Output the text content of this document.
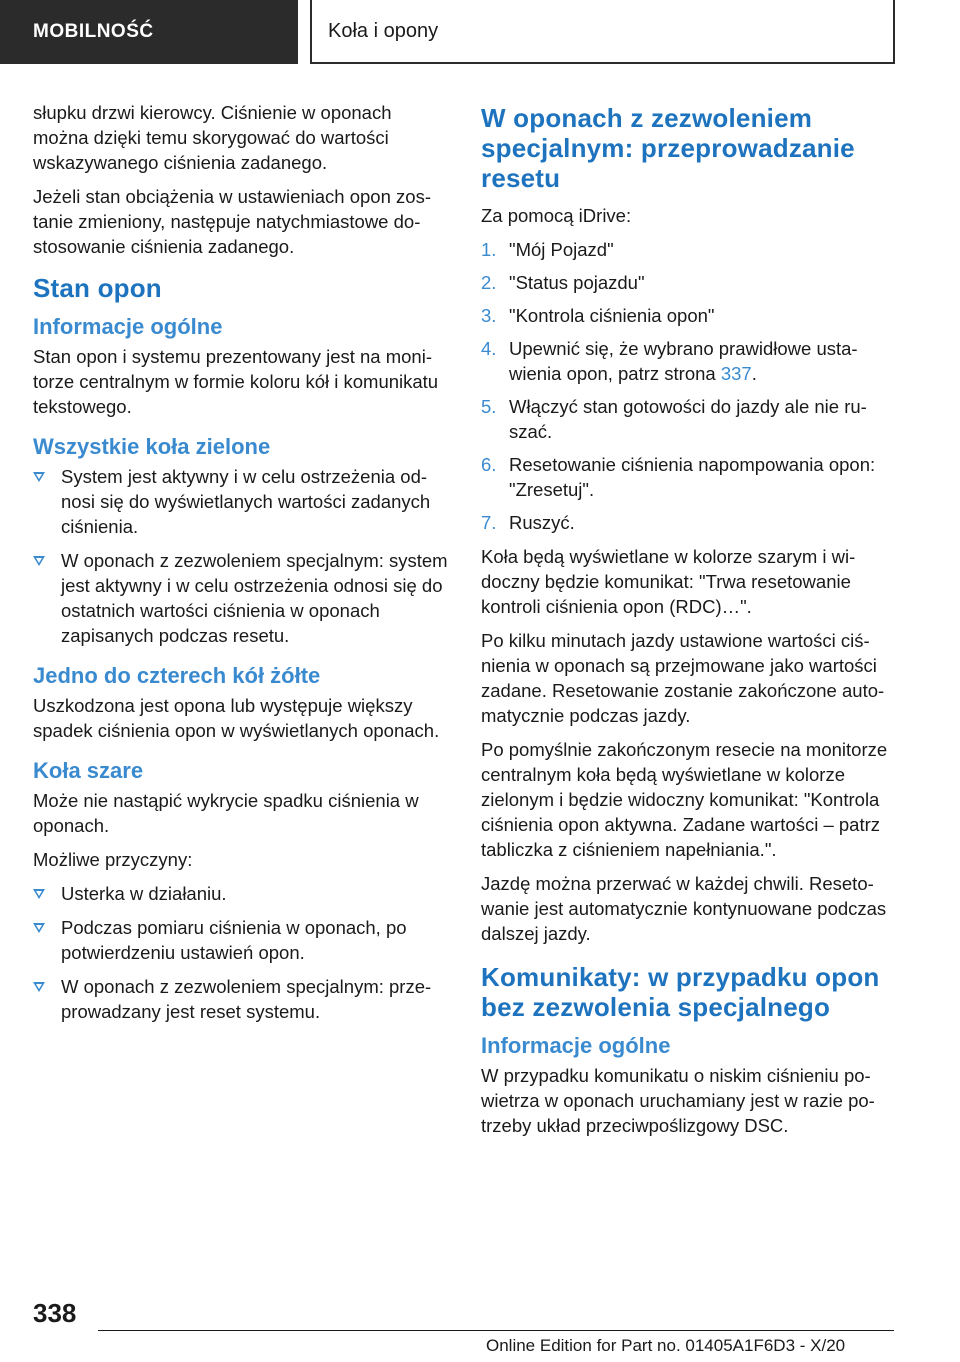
MOBILNOŚĆ	Koła i opony

słupku drzwi kierowcy. Ciśnienie w oponach można dzięki temu skorygować do wartości wskazywanego ciśnienia zadanego.

Jeżeli stan obciążenia w ustawieniach opon zostanie zmieniony, następuje natychmiastowe dostosowanie ciśnienia zadanego.

Stan opon
Informacje ogólne

Stan opon i systemu prezentowany jest na monitorze centralnym w formie koloru kół i komunikatu tekstowego.

Wszystkie koła zielone
System jest aktywny i w celu ostrzeżenia odnosi się do wyświetlanych wartości zadanych ciśnienia.
W oponach z zezwoleniem specjalnym: system jest aktywny i w celu ostrzeżenia odnosi się do ostatnich wartości ciśnienia w oponach zapisanych podczas resetu.
Jedno do czterech kół żółte

Uszkodzona jest opona lub występuje większy spadek ciśnienia opon w wyświetlanych oponach.

Koła szare

Może nie nastąpić wykrycie spadku ciśnienia w oponach.

Możliwe przyczyny:

Usterka w działaniu.
Podczas pomiaru ciśnienia w oponach, po potwierdzeniu ustawień opon.
W oponach z zezwoleniem specjalnym: przeprowadzany jest reset systemu.
W oponach z zezwoleniem specjalnym: przeprowadzanie resetu

Za pomocą iDrive:

1. "Mój Pojazd"
2. "Status pojazdu"
3. "Kontrola ciśnienia opon"
4. Upewnić się, że wybrano prawidłowe ustawienia opon, patrz strona 337.
5. Włączyć stan gotowości do jazdy ale nie ruszać.
6. Resetowanie ciśnienia napompowania opon: "Zresetuj".
7. Ruszyć.

Koła będą wyświetlane w kolorze szarym i widoczny będzie komunikat: "Trwa resetowanie kontroli ciśnienia opon (RDC)…".

Po kilku minutach jazdy ustawione wartości ciśnienia w oponach są przejmowane jako wartości zadane. Resetowanie zostanie zakończone automatycznie podczas jazdy.

Po pomyślnie zakończonym resecie na monitorze centralnym koła będą wyświetlane w kolorze zielonym i będzie widoczny komunikat: "Kontrola ciśnienia opon aktywna. Zadane wartości – patrz tabliczka z ciśnieniem napełniania.".

Jazdę można przerwać w każdej chwili. Resetowanie jest automatycznie kontynuowane podczas dalszej jazdy.

Komunikaty: w przypadku opon bez zezwolenia specjalnego
Informacje ogólne

W przypadku komunikatu o niskim ciśnieniu powietrza w oponach uruchamiany jest w razie potrzeby układ przeciwpoślizgowy DSC.

338
Online Edition for Part no. 01405A1F6D3 - X/20
